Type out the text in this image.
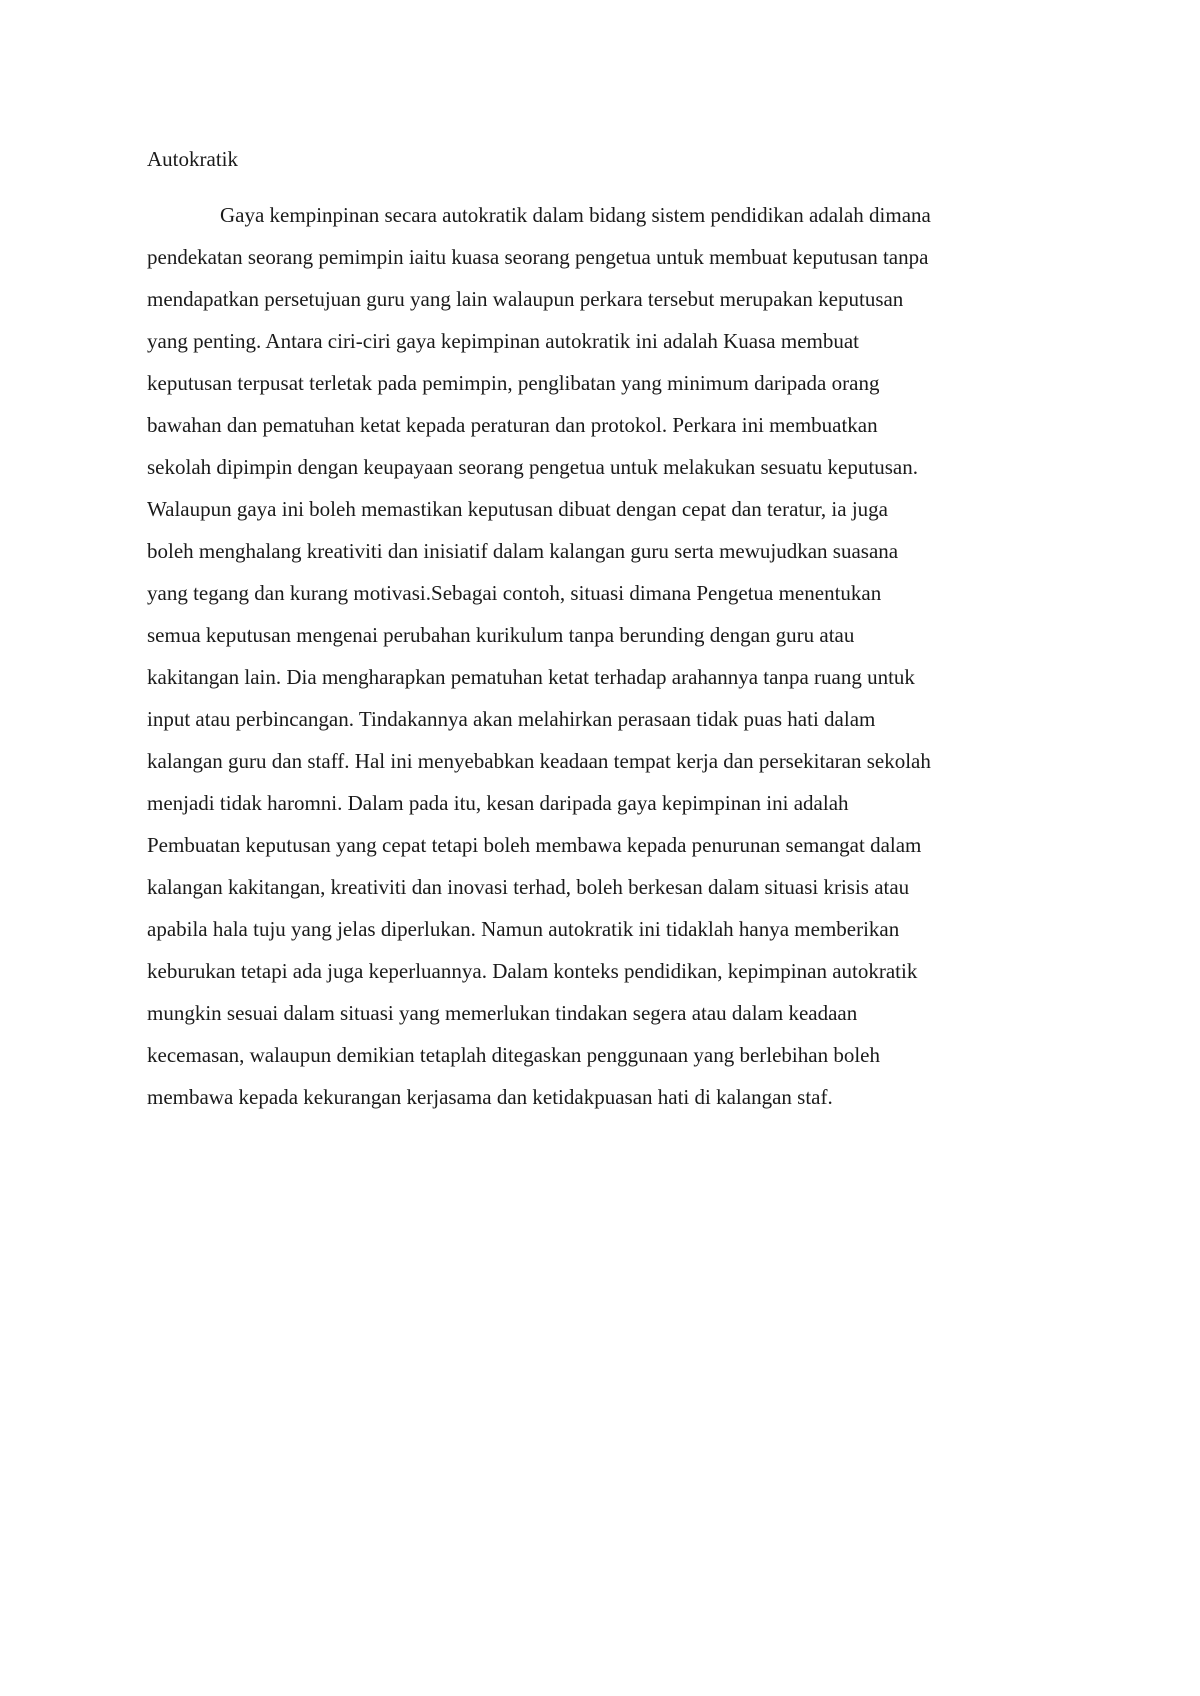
Autokratik
Gaya kempinpinan secara autokratik dalam bidang sistem pendidikan adalah dimana
pendekatan seorang pemimpin iaitu kuasa seorang pengetua untuk membuat keputusan tanpa
mendapatkan persetujuan guru yang lain walaupun perkara tersebut merupakan keputusan
yang penting. Antara ciri-ciri gaya kepimpinan autokratik ini adalah Kuasa membuat
keputusan terpusat terletak pada pemimpin, penglibatan yang minimum daripada orang
bawahan dan pematuhan ketat kepada peraturan dan protokol. Perkara ini membuatkan
sekolah dipimpin dengan keupayaan seorang pengetua untuk melakukan sesuatu keputusan.
Walaupun gaya ini boleh memastikan keputusan dibuat dengan cepat dan teratur, ia juga
boleh menghalang kreativiti dan inisiatif dalam kalangan guru serta mewujudkan suasana
yang tegang dan kurang motivasi.Sebagai contoh, situasi dimana Pengetua menentukan
semua keputusan mengenai perubahan kurikulum tanpa berunding dengan guru atau
kakitangan lain. Dia mengharapkan pematuhan ketat terhadap arahannya tanpa ruang untuk
input atau perbincangan. Tindakannya akan melahirkan perasaan tidak puas hati dalam
kalangan guru dan staff. Hal ini menyebabkan keadaan tempat kerja dan persekitaran sekolah
menjadi tidak haromni. Dalam pada itu, kesan daripada gaya kepimpinan ini adalah
Pembuatan keputusan yang cepat tetapi boleh membawa kepada penurunan semangat dalam
kalangan kakitangan, kreativiti dan inovasi terhad, boleh berkesan dalam situasi krisis atau
apabila hala tuju yang jelas diperlukan. Namun autokratik ini tidaklah hanya memberikan
keburukan tetapi ada juga keperluannya. Dalam konteks pendidikan, kepimpinan autokratik
mungkin sesuai dalam situasi yang memerlukan tindakan segera atau dalam keadaan
kecemasan, walaupun demikian tetaplah ditegaskan penggunaan yang berlebihan boleh
membawa kepada kekurangan kerjasama dan ketidakpuasan hati di kalangan staf.
